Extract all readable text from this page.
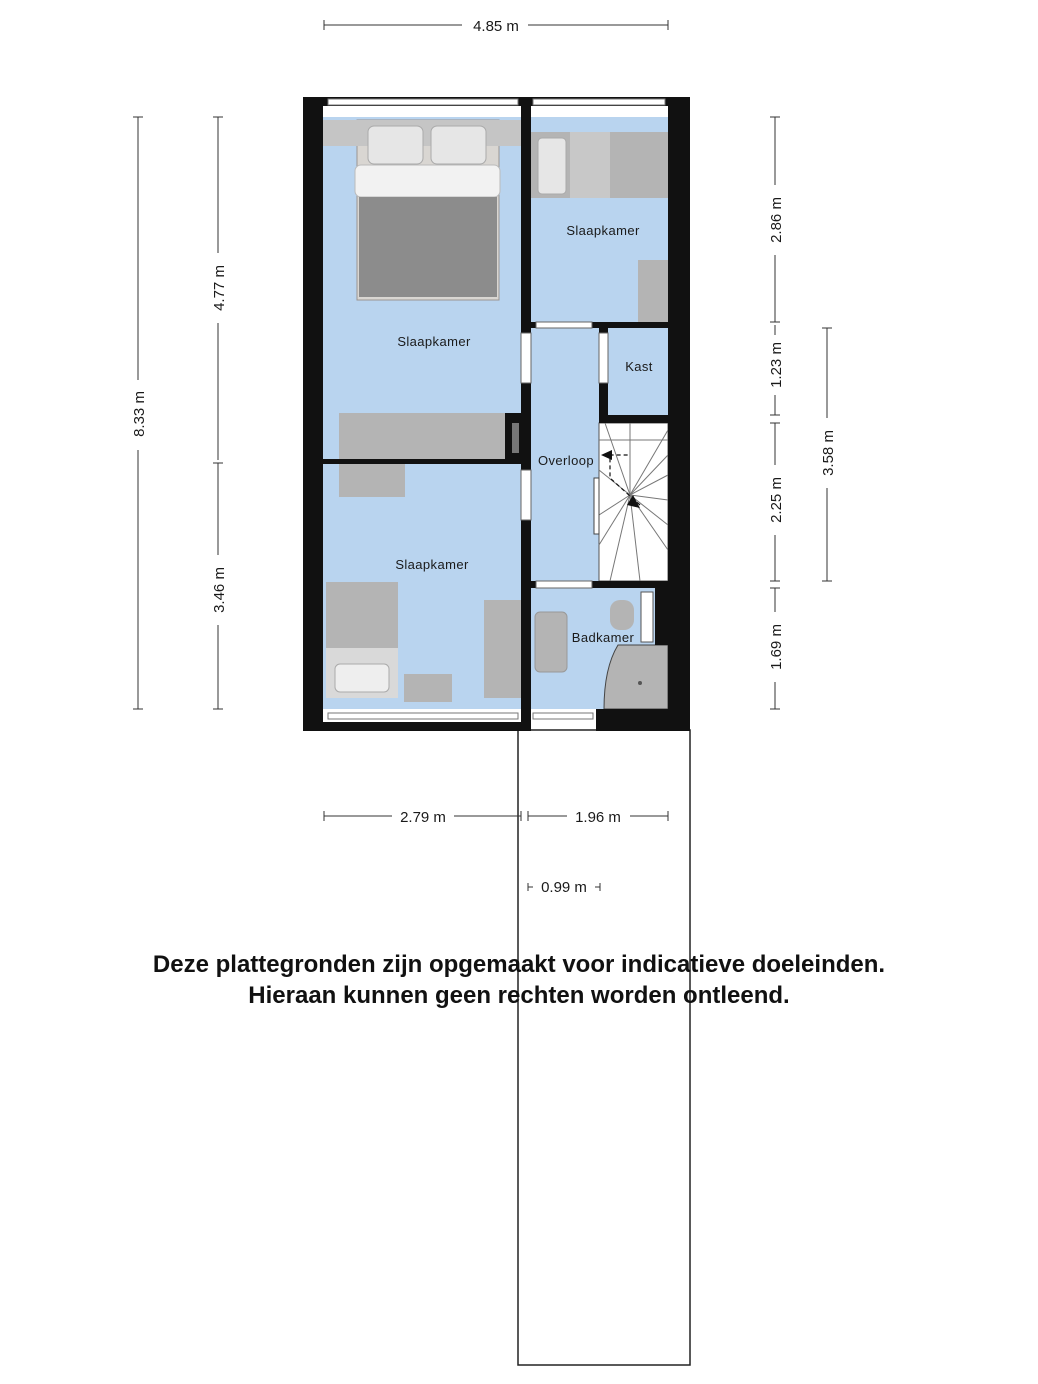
Slaapkamer
Slaapkamer
Slaapkamer
Kast
Overloop
Badkamer
4.85 m
8.33 m
4.77 m
3.46 m
2.86 m
1.23 m
2.25 m
1.69 m
3.58 m
2.79 m	1.96 m
0.99 m
Deze plattegronden zijn opgemaakt voor indicatieve doeleinden.
Hieraan kunnen geen rechten worden ontleend.
